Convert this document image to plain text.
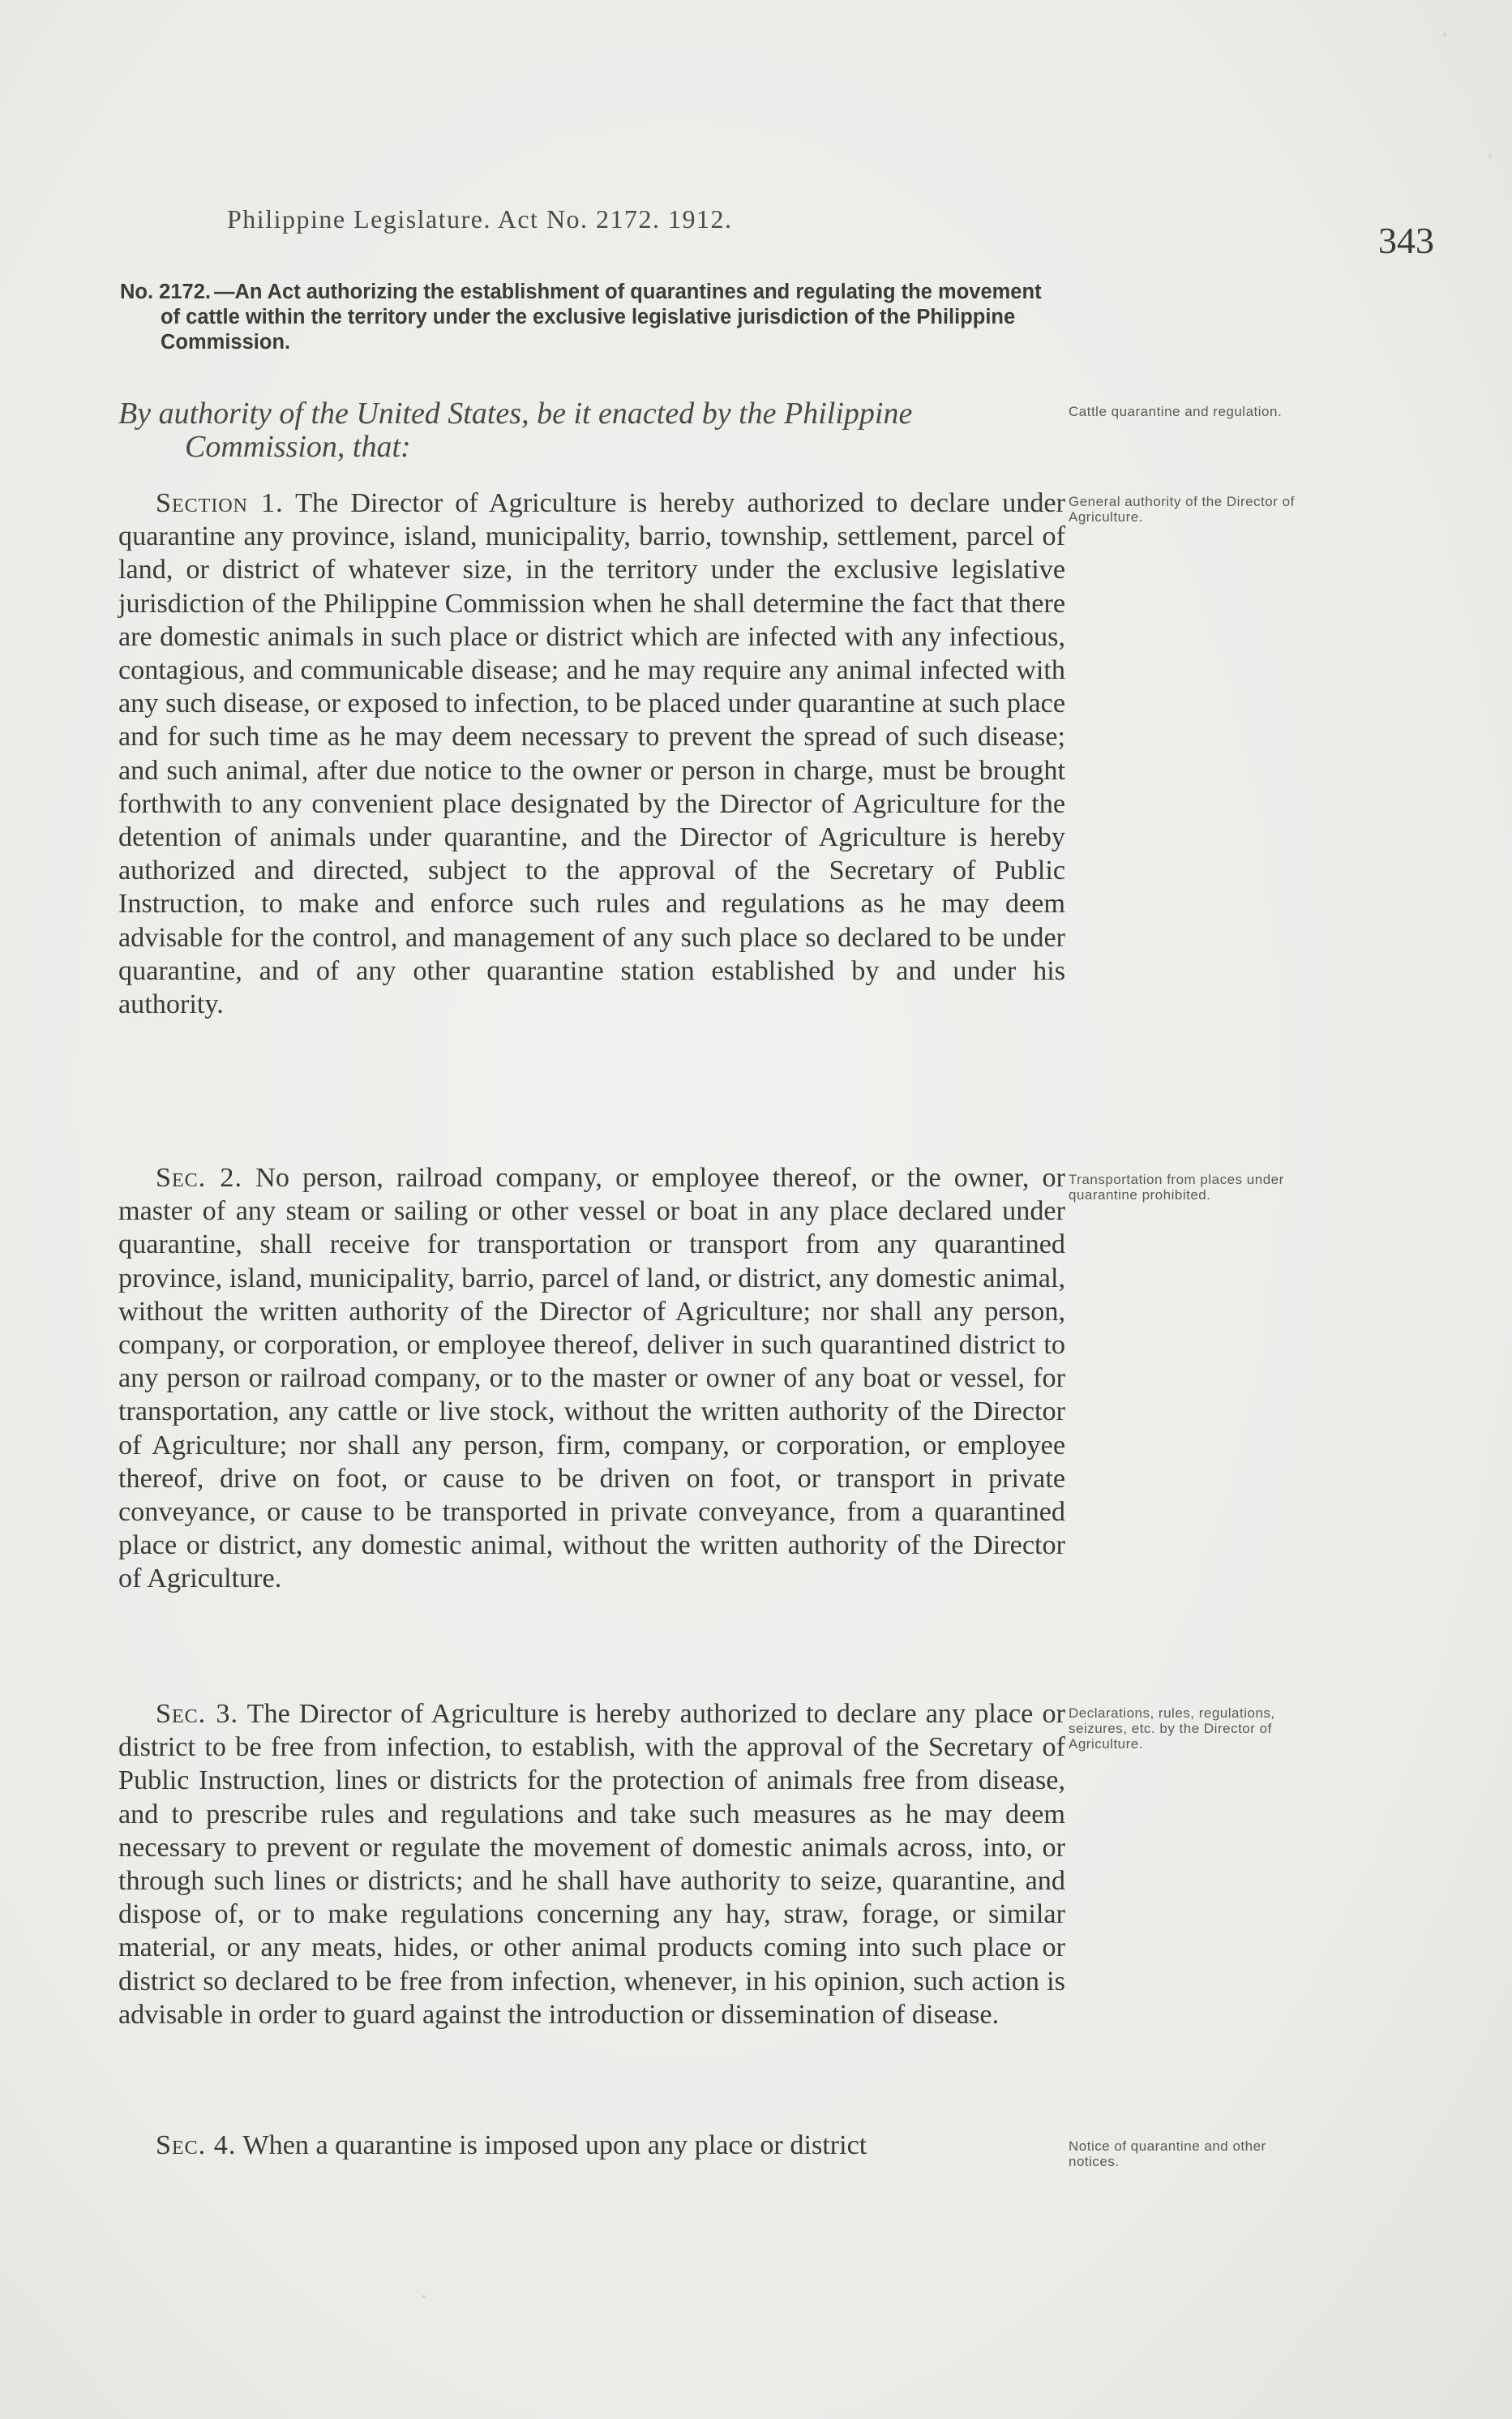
Philippine Legislature. Act No. 2172. 1912.
343
No. 2172. —An Act authorizing the establishment of quarantines and regulating the movement of cattle within the territory under the exclusive legislative jurisdiction of the Philippine Commission.
By authority of the United States, be it enacted by the Philippine
Commission, that:

Section 1. The Director of Agriculture is hereby authorized to declare under quarantine any province, island, municipality, barrio, township, settlement, parcel of land, or district of whatever size, in the territory under the exclusive legislative jurisdiction of the Philippine Commission when he shall determine the fact that there are domestic animals in such place or district which are infected with any infectious, contagious, and communicable disease; and he may require any animal infected with any such disease, or exposed to infection, to be placed under quarantine at such place and for such time as he may deem necessary to prevent the spread of such disease; and such animal, after due notice to the owner or person in charge, must be brought forthwith to any convenient place designated by the Director of Agriculture for the detention of animals under quarantine, and the Director of Agriculture is hereby authorized and directed, subject to the approval of the Secretary of Public Instruction, to make and enforce such rules and regulations as he may deem advisable for the control, and management of any such place so declared to be under quarantine, and of any other quarantine station established by and under his authority.

Sec. 2. No person, railroad company, or employee thereof, or the owner, or master of any steam or sailing or other vessel or boat in any place declared under quarantine, shall receive for transportation or transport from any quarantined province, island, municipality, barrio, parcel of land, or district, any domestic animal, without the written authority of the Director of Agriculture; nor shall any person, company, or corporation, or employee thereof, deliver in such quarantined district to any person or railroad company, or to the master or owner of any boat or vessel, for transportation, any cattle or live stock, without the written authority of the Director of Agriculture; nor shall any person, firm, company, or corporation, or employee thereof, drive on foot, or cause to be driven on foot, or transport in private conveyance, or cause to be transported in private conveyance, from a quarantined place or district, any domestic animal, without the written authority of the Director of Agriculture.

Sec. 3. The Director of Agriculture is hereby authorized to declare any place or district to be free from infection, to establish, with the approval of the Secretary of Public Instruction, lines or districts for the protection of animals free from disease, and to prescribe rules and regulations and take such measures as he may deem necessary to prevent or regulate the movement of domestic animals across, into, or through such lines or districts; and he shall have authority to seize, quarantine, and dispose of, or to make regulations concerning any hay, straw, forage, or similar material, or any meats, hides, or other animal products coming into such place or district so declared to be free from infection, whenever, in his opinion, such action is advisable in order to guard against the introduction or dissemination of disease.

Sec. 4. When a quarantine is imposed upon any place or district

Cattle quarantine and regulation.
General authority of the Director of Agriculture.
Transportation from places under quarantine prohibited.
Declarations, rules, regulations, seizures, etc. by the Director of Agriculture.
Notice of quarantine and other notices.
